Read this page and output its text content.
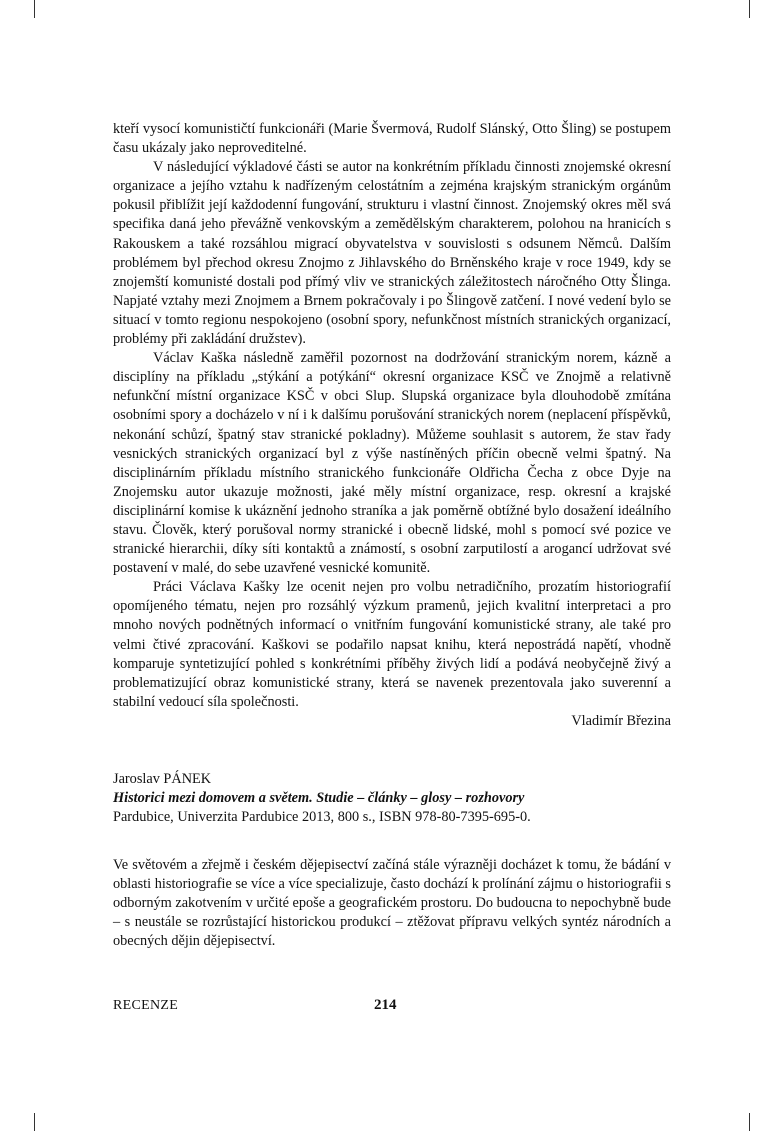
kteří vysocí komunističtí funkcionáři (Marie Švermová, Rudolf Slánský, Otto Šling) se postupem času ukázaly jako neproveditelné.

V následující výkladové části se autor na konkrétním příkladu činnosti znojemské okresní organizace a jejího vztahu k nadřízeným celostátním a zejména krajským stranickým orgánům pokusil přiblížit její každodenní fungování, strukturu i vlastní činnost. Znojemský okres měl svá specifika daná jeho převážně venkovským a zemědělským charakterem, polohou na hranicích s Rakouskem a také rozsáhlou migrací obyvatelstva v souvislosti s odsunem Němců. Dalším problémem byl přechod okresu Znojmo z Jihlavského do Brněnského kraje v roce 1949, kdy se znojemští komunisté dostali pod přímý vliv ve stranických záležitostech náročného Otty Šlinga. Napjaté vztahy mezi Znojmem a Brnem pokračovaly i po Šlingově zatčení. I nové vedení bylo se situací v tomto regionu nespokojeno (osobní spory, nefunkčnost místních stranických organizací, problémy při zakládání družstev).

Václav Kaška následně zaměřil pozornost na dodržování stranickým norem, kázně a disciplíny na příkladu „stýkání a potýkání“ okresní organizace KSČ ve Znojmě a relativně nefunkční místní organizace KSČ v obci Slup. Slupská organizace byla dlouhodobě zmítána osobními spory a docházelo v ní i k dalšímu porušování stranických norem (neplacení příspěvků, nekonání schůzí, špatný stav stranické pokladny). Můžeme souhlasit s autorem, že stav řady vesnických stranických organizací byl z výše nastíněných příčin obecně velmi špatný. Na disciplinárním příkladu místního stranického funkcionáře Oldřicha Čecha z obce Dyje na Znojemsku autor ukazuje možnosti, jaké měly místní organizace, resp. okresní a krajské disciplinární komise k ukáznění jednoho straníka a jak poměrně obtížné bylo dosažení ideálního stavu. Člověk, který porušoval normy stranické i obecně lidské, mohl s pomocí své pozice ve stranické hierarchii, díky síti kontaktů a známostí, s osobní zarputilostí a arogancí udržovat své postavení v malé, do sebe uzavřené vesnické komunitě.

Práci Václava Kašky lze ocenit nejen pro volbu netradičního, prozatím historiografií opomíjeného tématu, nejen pro rozsáhlý výzkum pramenů, jejich kvalitní interpretaci a pro mnoho nových podnětných informací o vnitřním fungování komunistické strany, ale také pro velmi čtivé zpracování. Kaškovi se podařilo napsat knihu, která nepostrádá napětí, vhodně komparuje syntetizující pohled s konkrétními příběhy živých lidí a podává neobyčejně živý a problematizující obraz komunistické strany, která se navenek prezentovala jako suverenní a stabilní vedoucí síla společnosti.

Vladimír Březina
Jaroslav PÁNEK
Historici mezi domovem a světem. Studie – články – glosy – rozhovory
Pardubice, Univerzita Pardubice 2013, 800 s., ISBN 978-80-7395-695-0.

Ve světovém a zřejmě i českém dějepisectví začíná stále výrazněji docházet k tomu, že bádání v oblasti historiografie se více a více specializuje, často dochází k prolínání zájmu o historiografii s odborným zakotvením v určité epoše a geografickém prostoru. Do budoucna to nepochybně bude – s neustále se rozrůstající historickou produkcí – ztěžovat přípravu velkých syntéz národních a obecných dějin dějepisectví.

RECENZE	214
